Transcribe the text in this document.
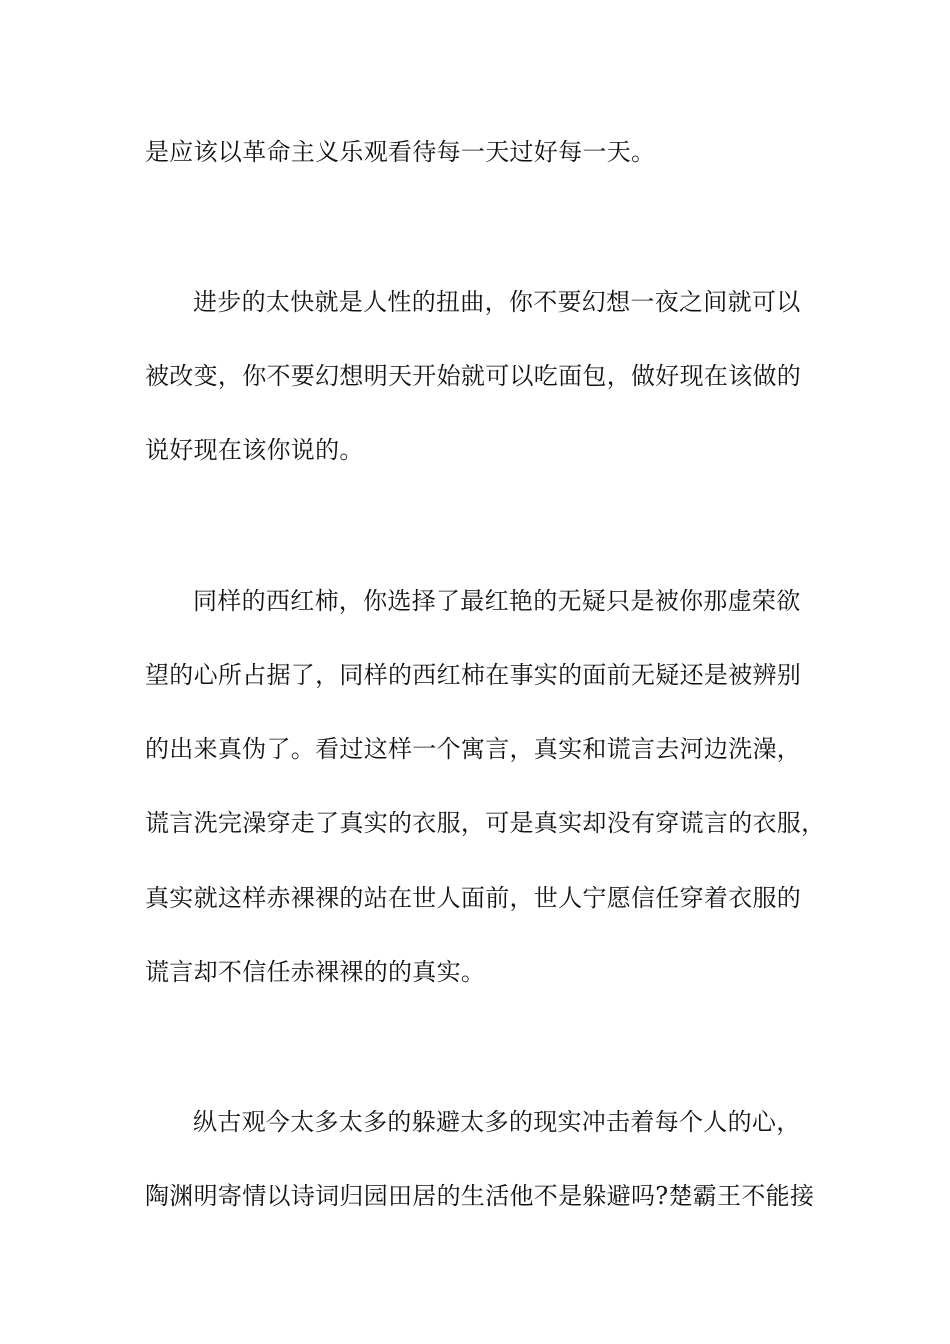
是应该以革命主义乐观看待每一天过好每一天。
进步的太快就是人性的扭曲，你不要幻想一夜之间就可以
被改变，你不要幻想明天开始就可以吃面包，做好现在该做的
说好现在该你说的。
同样的西红柿，你选择了最红艳的无疑只是被你那虚荣欲
望的心所占据了，同样的西红柿在事实的面前无疑还是被辨别
的出来真伪了。看过这样一个寓言，真实和谎言去河边洗澡，
谎言洗完澡穿走了真实的衣服，可是真实却没有穿谎言的衣服，
真实就这样赤裸裸的站在世人面前，世人宁愿信任穿着衣服的
谎言却不信任赤裸裸的的真实。
纵古观今太多太多的躲避太多的现实冲击着每个人的心，
陶渊明寄情以诗词归园田居的生活他不是躲避吗?楚霸王不能接
